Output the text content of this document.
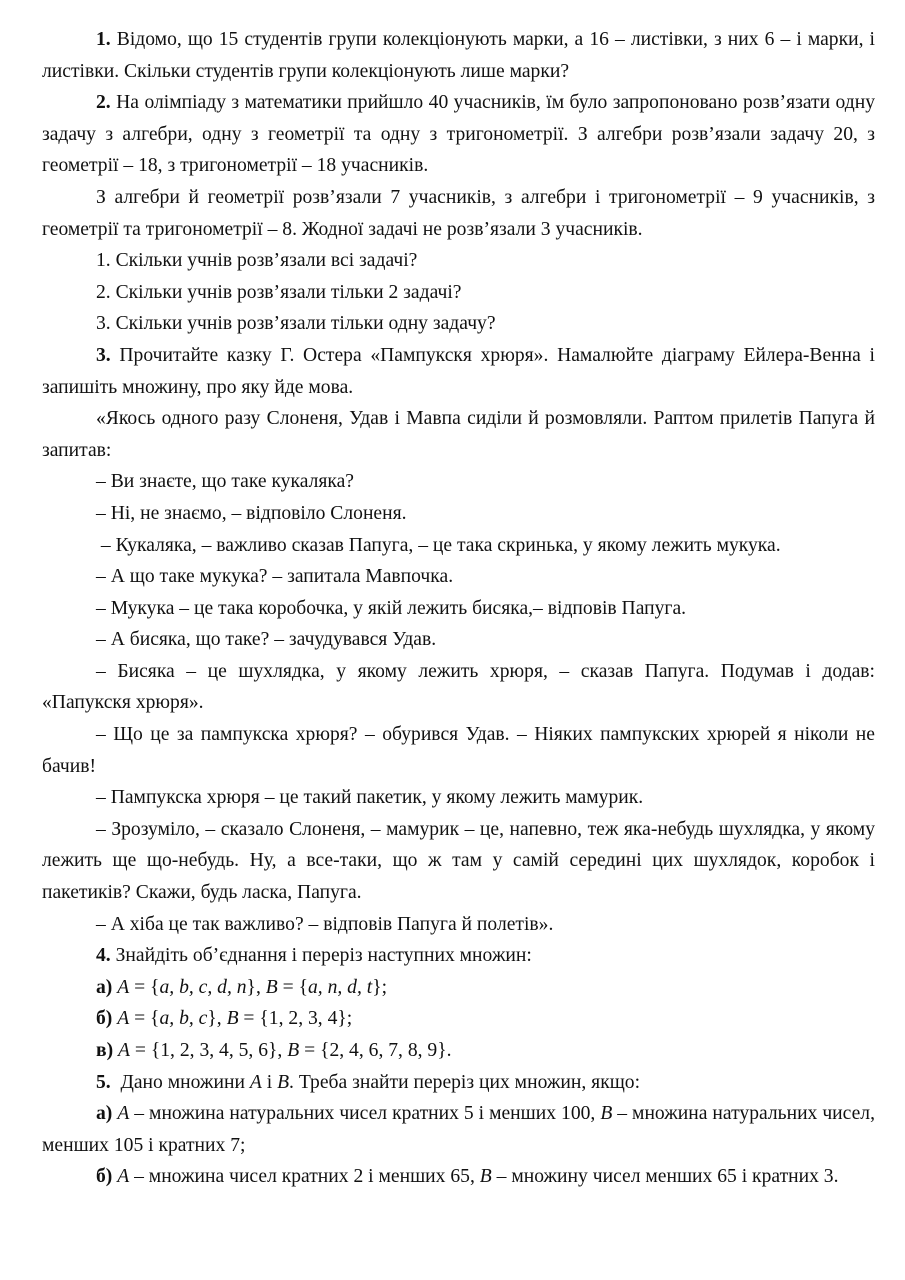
1. Відомо, що 15 студентів групи колекціонують марки, а 16 – листівки, з них 6 – і марки, і листівки. Скільки студентів групи колекціонують лише марки?

2. На олімпіаду з математики прийшло 40 учасників, їм було запропоновано розв’язати одну задачу з алгебри, одну з геометрії та одну з тригонометрії. З алгебри розв’язали задачу 20, з геометрії – 18, з тригонометрії – 18 учасників.

З алгебри й геометрії розв’язали 7 учасників, з алгебри і тригонометрії – 9 учасників, з геометрії та тригонометрії – 8. Жодної задачі не розв’язали 3 учасників.

1. Скільки учнів розв’язали всі задачі?

2. Скільки учнів розв’язали тільки 2 задачі?

3. Скільки учнів розв’язали тільки одну задачу?

3. Прочитайте казку Г. Остера «Пампукскя хрюря». Намалюйте діаграму Ейлера-Венна і запишіть множину, про яку йде мова.

«Якось одного разу Слоненя, Удав і Мавпа сиділи й розмовляли. Раптом прилетів Папуга й запитав:

– Ви знаєте, що таке кукаляка?

– Ні, не знаємо, – відповіло Слоненя.

– Кукаляка, – важливо сказав Папуга, – це така скринька, у якому лежить мукука.

– А що таке мукука? – запитала Мавпочка.

– Мукука – це така коробочка, у якій лежить бисяка,– відповів Папуга.

– А бисяка, що таке? – зачудувався Удав.

– Бисяка – це шухлядка, у якому лежить хрюря, – сказав Папуга. Подумав і додав: «Папукскя хрюря».

– Що це за пампукска хрюря? – обурився Удав. – Ніяких пампукских хрюрей я ніколи не бачив!

– Пампукска хрюря – це такий пакетик, у якому лежить мамурик.

– Зрозуміло, – сказало Слоненя, – мамурик – це, напевно, теж яка-небудь шухлядка, у якому лежить ще що-небудь. Ну, а все-таки, що ж там у самій середині цих шухлядок, коробок і пакетиків? Скажи, будь ласка, Папуга.

– А хіба це так важливо? – відповів Папуга й полетів».

4. Знайдіть об’єднання і переріз наступних множин:

а) A = {a, b, c, d, n}, B = {a, n, d, t};

б) A = {a, b, c}, B = {1, 2, 3, 4};

в) A = {1, 2, 3, 4, 5, 6}, B = {2, 4, 6, 7, 8, 9}.

5.  Дано множини A і B. Треба знайти переріз цих множин, якщо:

а) A – множина натуральних чисел кратних 5 і менших 100, B – множина натуральних чисел, менших 105 і кратних 7;

б) A – множина чисел кратних 2 і менших 65, B – множину чисел менших 65 і кратних 3.
